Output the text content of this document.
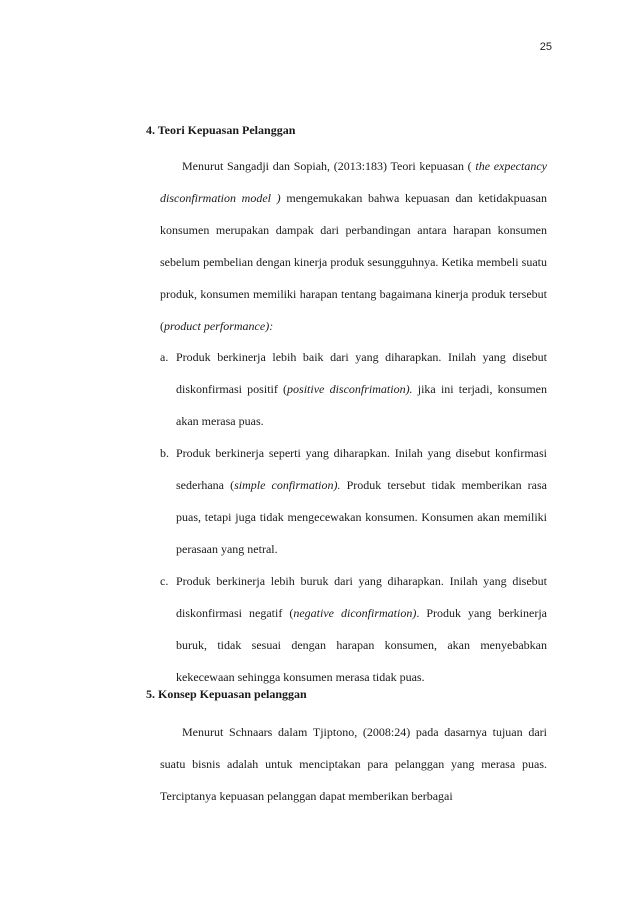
25
4. Teori Kepuasan Pelanggan

Menurut Sangadji dan Sopiah, (2013:183) Teori kepuasan ( the expectancy disconfirmation model ) mengemukakan bahwa kepuasan dan ketidakpuasan konsumen merupakan dampak dari perbandingan antara harapan konsumen sebelum pembelian dengan kinerja produk sesungguhnya. Ketika membeli suatu produk, konsumen memiliki harapan tentang bagaimana kinerja produk tersebut (product performance):

a. Produk berkinerja lebih baik dari yang diharapkan. Inilah yang disebut diskonfirmasi positif (positive disconfrimation). jika ini terjadi, konsumen akan merasa puas.
b. Produk berkinerja seperti yang diharapkan. Inilah yang disebut konfirmasi sederhana (simple confirmation). Produk tersebut tidak memberikan rasa puas, tetapi juga tidak mengecewakan konsumen. Konsumen akan memiliki perasaan yang netral.
c. Produk berkinerja lebih buruk dari yang diharapkan. Inilah yang disebut diskonfirmasi negatif (negative diconfirmation). Produk yang berkinerja buruk, tidak sesuai dengan harapan konsumen, akan menyebabkan kekecewaan sehingga konsumen merasa tidak puas.
5. Konsep Kepuasan pelanggan

Menurut Schnaars dalam Tjiptono, (2008:24) pada dasarnya tujuan dari suatu bisnis adalah untuk menciptakan para pelanggan yang merasa puas. Terciptanya kepuasan pelanggan dapat memberikan berbagai
